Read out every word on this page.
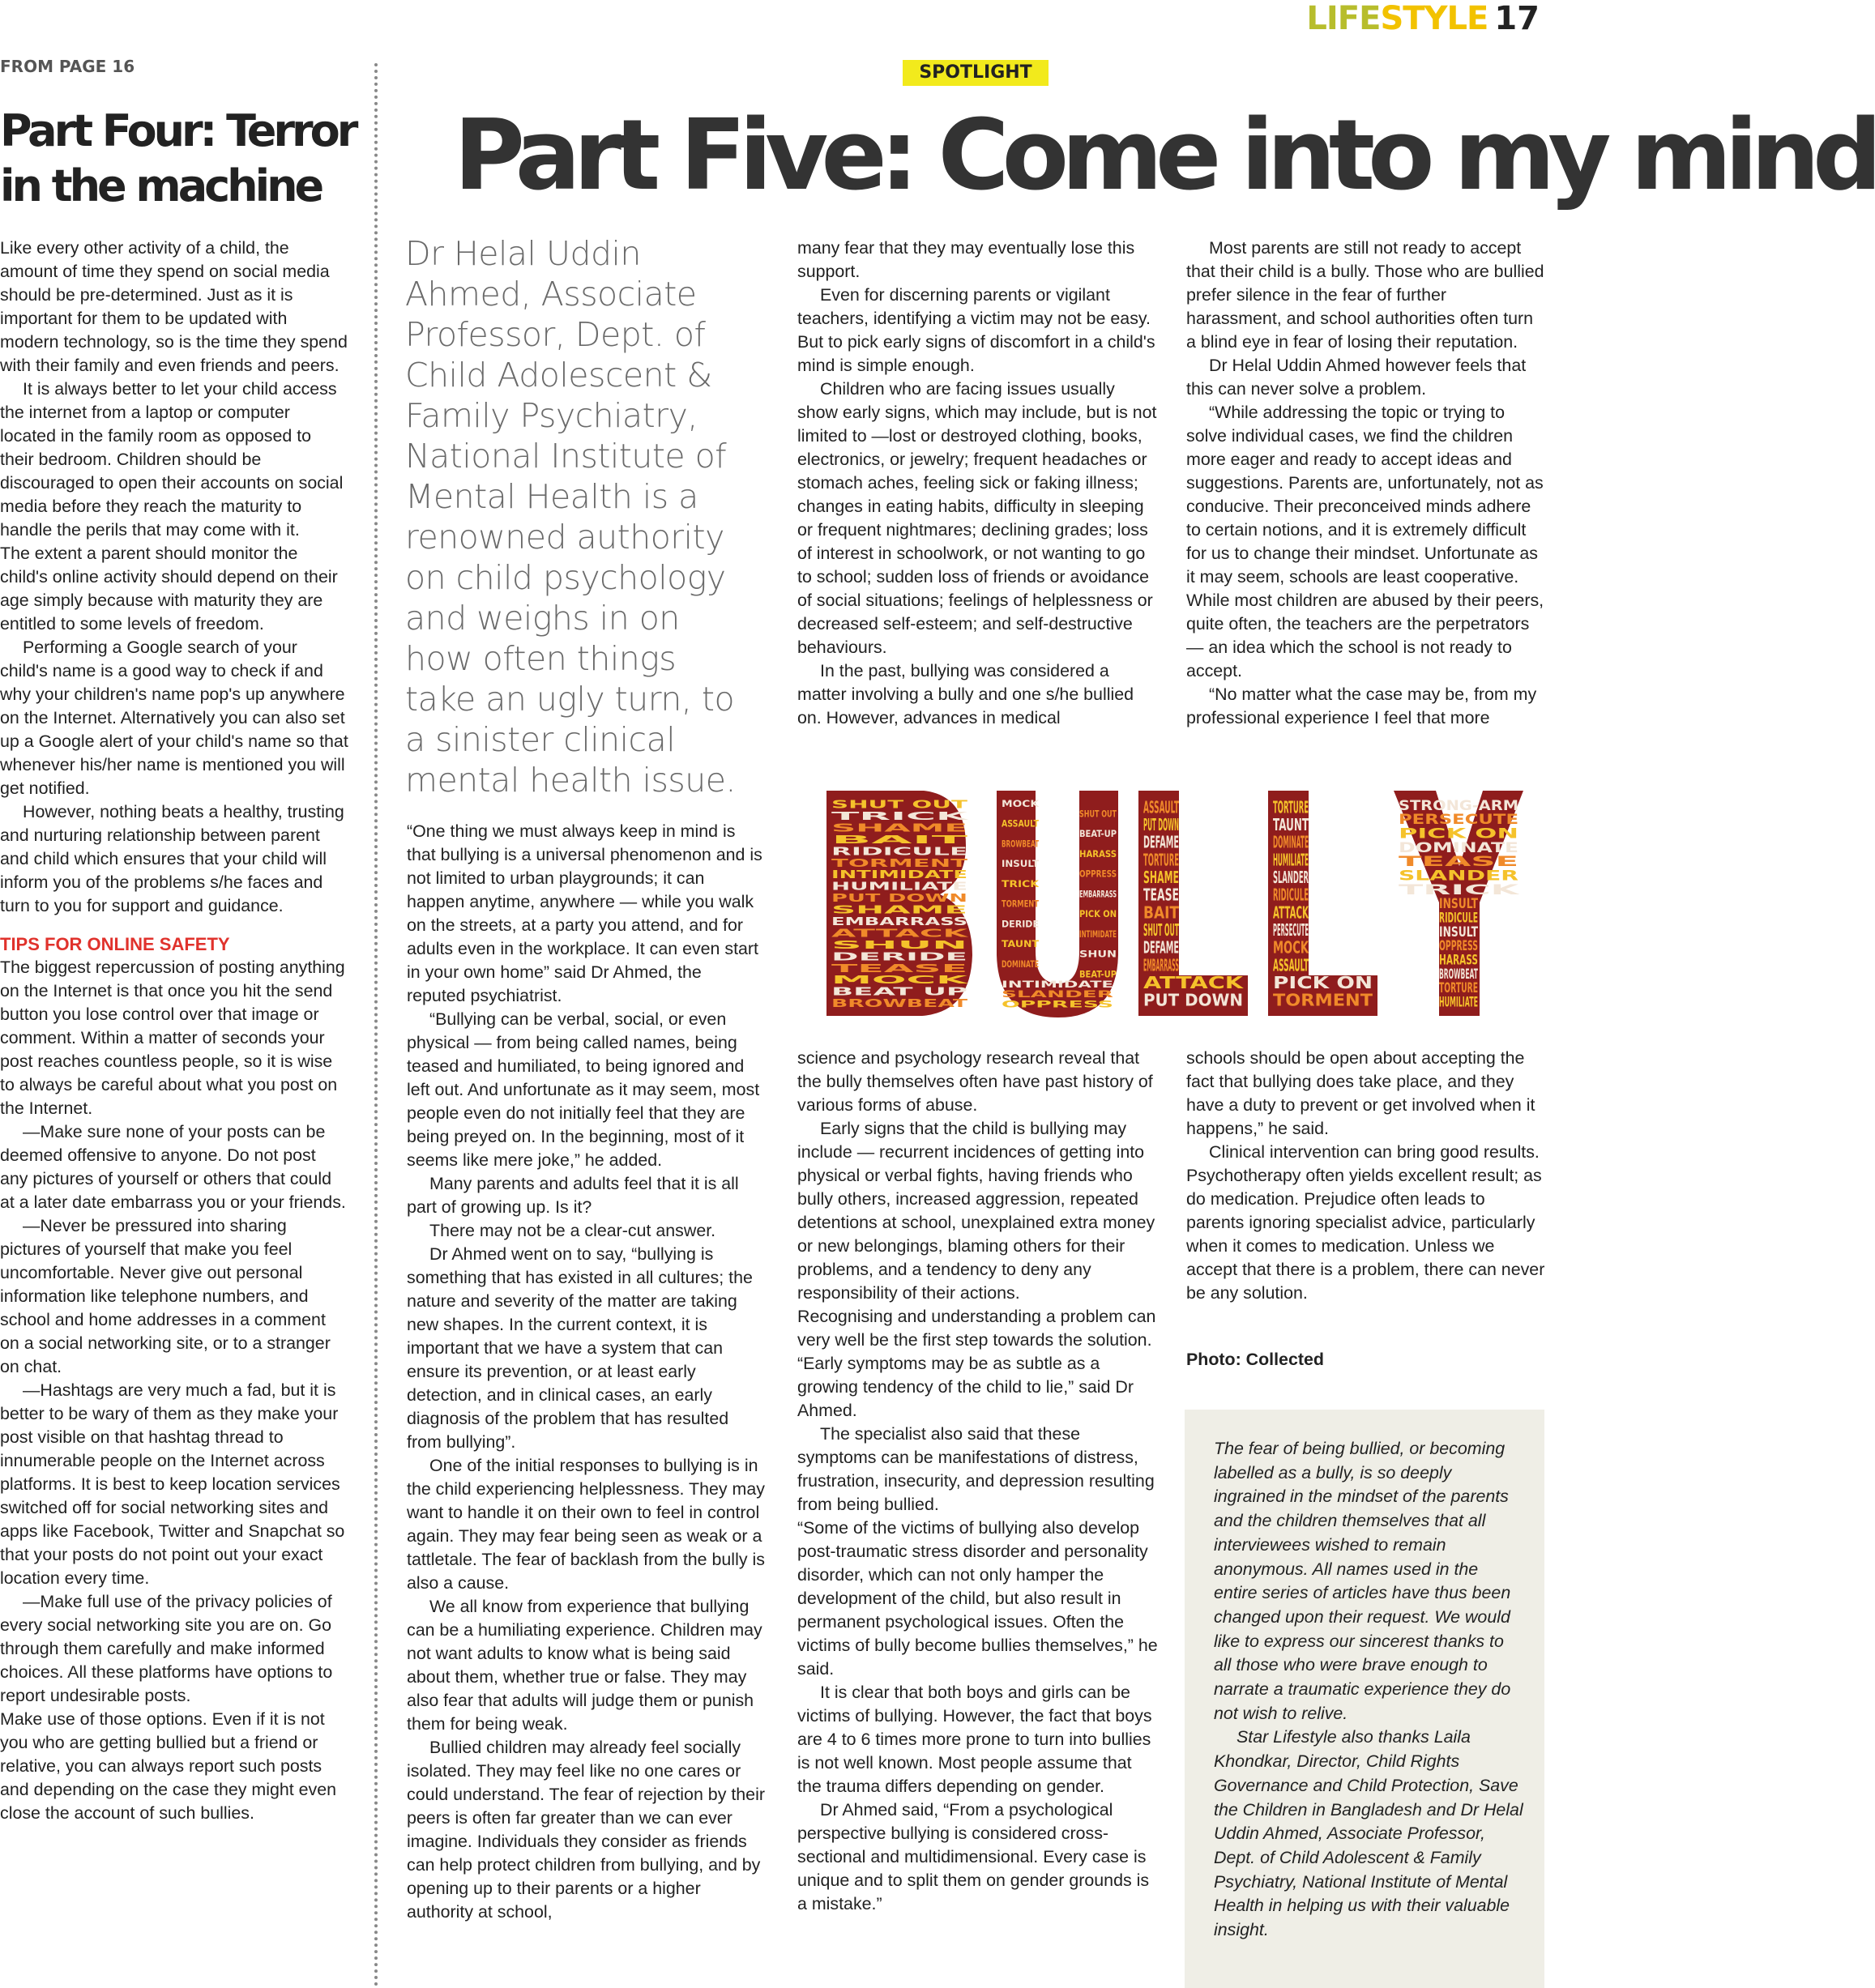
LIFESTYLE 17
FROM PAGE 16
Part Four: Terror in the machine

Like every other activity of a child, the amount of time they spend on social media should be pre-determined. Just as it is important for them to be updated with modern technology, so is the time they spend with their family and even friends and peers.

It is always better to let your child access the internet from a laptop or computer located in the family room as opposed to their bedroom. Children should be discouraged to open their accounts on social media before they reach the maturity to handle the perils that may come with it.

The extent a parent should monitor the child's online activity should depend on their age simply because with maturity they are entitled to some levels of freedom.

Performing a Google search of your child's name is a good way to check if and why your children's name pop's up anywhere on the Internet. Alternatively you can also set up a Google alert of your child's name so that whenever his/her name is mentioned you will get notified.

However, nothing beats a healthy, trusting and nurturing relationship between parent and child which ensures that your child will inform you of the problems s/he faces and turn to you for support and guidance.

TIPS FOR ONLINE SAFETY

The biggest repercussion of posting anything on the Internet is that once you hit the send button you lose control over that image or comment. Within a matter of seconds your post reaches countless people, so it is wise to always be careful about what you post on the Internet.

—Make sure none of your posts can be deemed offensive to anyone. Do not post any pictures of yourself or others that could at a later date embarrass you or your friends.

—Never be pressured into sharing pictures of yourself that make you feel uncomfortable. Never give out personal information like telephone numbers, and school and home addresses in a comment on a social networking site, or to a stranger on chat.

—Hashtags are very much a fad, but it is better to be wary of them as they make your post visible on that hashtag thread to innumerable people on the Internet across platforms. It is best to keep location services switched off for social networking sites and apps like Facebook, Twitter and Snapchat so that your posts do not point out your exact location every time.

—Make full use of the privacy policies of every social networking site you are on. Go through them carefully and make informed choices. All these platforms have options to report undesirable posts.

Make use of those options. Even if it is not you who are getting bullied but a friend or relative, you can always report such posts and depending on the case they might even close the account of such bullies.

SPOTLIGHT
Part Five: Come into my mind
Dr Helal Uddin Ahmed, Associate Professor, Dept. of Child Adolescent & Family Psychiatry, National Institute of Mental Health is a renowned authority on child psychology and weighs in on how often things take an ugly turn, to a sinister clinical mental health issue.

“One thing we must always keep in mind is that bullying is a universal phenomenon and is not limited to urban playgrounds; it can happen anytime, anywhere — while you walk on the streets, at a party you attend, and for adults even in the workplace. It can even start in your own home” said Dr Ahmed, the reputed psychiatrist.

“Bullying can be verbal, social, or even physical — from being called names, being teased and humiliated, to being ignored and left out. And unfortunate as it may seem, most people even do not initially feel that they are being preyed on. In the beginning, most of it seems like mere joke,” he added.

Many parents and adults feel that it is all part of growing up. Is it?

There may not be a clear-cut answer.

Dr Ahmed went on to say, “bullying is something that has existed in all cultures; the nature and severity of the matter are taking new shapes. In the current context, it is important that we have a system that can ensure its prevention, or at least early detection, and in clinical cases, an early diagnosis of the problem that has resulted from bullying”.

One of the initial responses to bullying is in the child experiencing helplessness. They may want to handle it on their own to feel in control again. They may fear being seen as weak or a tattletale. The fear of backlash from the bully is also a cause.

We all know from experience that bullying can be a humiliating experience. Children may not want adults to know what is being said about them, whether true or false. They may also fear that adults will judge them or punish them for being weak.

Bullied children may already feel socially isolated. They may feel like no one cares or could understand. The fear of rejection by their peers is often far greater than we can ever imagine. Individuals they consider as friends can help protect children from bullying, and by opening up to their parents or a higher authority at school,

many fear that they may eventually lose this support.

Even for discerning parents or vigilant teachers, identifying a victim may not be easy. But to pick early signs of discomfort in a child's mind is simple enough.

Children who are facing issues usually show early signs, which may include, but is not limited to —lost or destroyed clothing, books, electronics, or jewelry; frequent headaches or stomach aches, feeling sick or faking illness; changes in eating habits, difficulty in sleeping or frequent nightmares; declining grades; loss of interest in schoolwork, or not wanting to go to school; sudden loss of friends or avoidance of social situations; feelings of helplessness or decreased self-esteem; and self-destructive behaviours.

In the past, bullying was considered a matter involving a bully and one s/he bullied on. However, advances in medical

Most parents are still not ready to accept that their child is a bully. Those who are bullied prefer silence in the fear of further harassment, and school authorities often turn a blind eye in fear of losing their reputation.

Dr Helal Uddin Ahmed however feels that this can never solve a problem.

“While addressing the topic or trying to solve individual cases, we find the children more eager and ready to accept ideas and suggestions. Parents are, unfortunately, not as conducive. Their preconceived minds adhere to certain notions, and it is extremely difficult for us to change their mindset. Unfortunate as it may seem, schools are least cooperative. While most children are abused by their peers, quite often, the teachers are the perpetrators — an idea which the school is not ready to accept.

“No matter what the case may be, from my professional experience I feel that more

SHUT OUT
TRICK
SHAME
BAIT
RIDICULE
TORMENT
INTIMIDATE
HUMILIATE
PUT DOWN
SHAME
EMBARRASS
ATTACK
SHUN
DERIDE
TEASE
MOCK
BEAT UP
BROWBEAT
MOCK
SHUT OUT
ASSAULT
BEAT-UP
BROWBEAT
HARASS
INSULT
OPPRESS
TRICK
EMBARRASS
TORMENT
PICK ON
DERIDE
INTIMIDATE
TAUNT
SHUN
DOMINATE
BEAT-UP
INTIMIDATE
SLANDER
OPPRESS
ASSAULT
PUT DOWN
DEFAME
TORTURE
SHAME
TEASE
BAIT
SHUT OUT
DEFAME
EMBARRASS
ATTACK
PUT DOWN
TORTURE
TAUNT
DOMINATE
HUMILIATE
SLANDER
RIDICULE
ATTACK
PERSECUTE
MOCK
ASSAULT
PICK ON
TORMENT
STRONG-ARM
PERSECUTE
PICK ON
DOMINATE
TEASE
SLANDER
TRICK
INSULT
RIDICULE
INSULT
OPPRESS
HARASS
BROWBEAT
TORTURE
HUMILIATE

science and psychology research reveal that the bully themselves often have past history of various forms of abuse.

Early signs that the child is bullying may include — recurrent incidences of getting into physical or verbal fights, having friends who bully others, increased aggression, repeated detentions at school, unexplained extra money or new belongings, blaming others for their problems, and a tendency to deny any responsibility of their actions.

Recognising and understanding a problem can very well be the first step towards the solution. “Early symptoms may be as subtle as a growing tendency of the child to lie,” said Dr Ahmed.

The specialist also said that these symptoms can be manifestations of distress, frustration, insecurity, and depression resulting from being bullied.

“Some of the victims of bullying also develop post-traumatic stress disorder and personality disorder, which can not only hamper the development of the child, but also result in permanent psychological issues. Often the victims of bully become bullies themselves,” he said.

It is clear that both boys and girls can be victims of bullying. However, the fact that boys are 4 to 6 times more prone to turn into bullies is not well known. Most people assume that the trauma differs depending on gender.

Dr Ahmed said, “From a psychological perspective bullying is considered cross-sectional and multidimensional. Every case is unique and to split them on gender grounds is a mistake.”

schools should be open about accepting the fact that bullying does take place, and they have a duty to prevent or get involved when it happens,” he said.

Clinical intervention can bring good results. Psychotherapy often yields excellent result; as do medication. Prejudice often leads to parents ignoring specialist advice, particularly when it comes to medication. Unless we accept that there is a problem, there can never be any solution.

Photo: Collected

The fear of being bullied, or becoming labelled as a bully, is so deeply ingrained in the mindset of the parents and the children themselves that all interviewees wished to remain anonymous. All names used in the entire series of articles have thus been changed upon their request. We would like to express our sincerest thanks to all those who were brave enough to narrate a traumatic experience they do not wish to relive.

Star Lifestyle also thanks Laila Khondkar, Director, Child Rights Governance and Child Protection, Save the Children in Bangladesh and Dr Helal Uddin Ahmed, Associate Professor, Dept. of Child Adolescent & Family Psychiatry, National Institute of Mental Health in helping us with their valuable insight.
